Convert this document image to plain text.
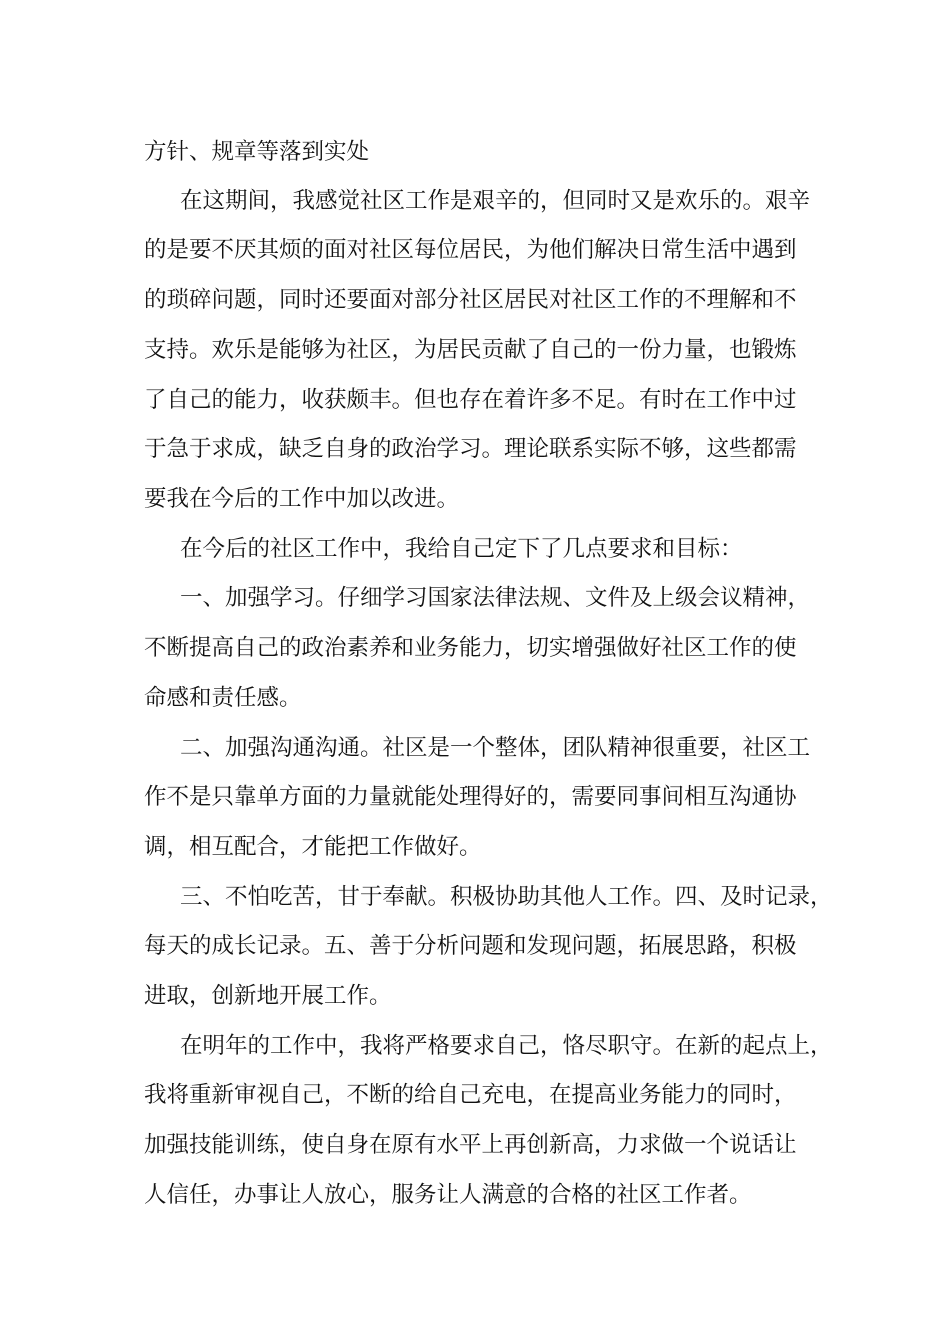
方针、规章等落到实处
在这期间，我感觉社区工作是艰辛的，但同时又是欢乐的。艰辛
的是要不厌其烦的面对社区每位居民，为他们解决日常生活中遇到
的琐碎问题，同时还要面对部分社区居民对社区工作的不理解和不
支持。欢乐是能够为社区，为居民贡献了自己的一份力量，也锻炼
了自己的能力，收获颇丰。但也存在着许多不足。有时在工作中过
于急于求成，缺乏自身的政治学习。理论联系实际不够，这些都需
要我在今后的工作中加以改进。
在今后的社区工作中，我给自己定下了几点要求和目标：
一、加强学习。仔细学习国家法律法规、文件及上级会议精神，
不断提高自己的政治素养和业务能力，切实增强做好社区工作的使
命感和责任感。
二、加强沟通沟通。社区是一个整体，团队精神很重要，社区工
作不是只靠单方面的力量就能处理得好的，需要同事间相互沟通协
调，相互配合，才能把工作做好。
三、不怕吃苦，甘于奉献。积极协助其他人工作。四、及时记录，
每天的成长记录。五、善于分析问题和发现问题，拓展思路，积极
进取，创新地开展工作。
在明年的工作中，我将严格要求自己，恪尽职守。在新的起点上，
我将重新审视自己，不断的给自己充电，在提高业务能力的同时，
加强技能训练，使自身在原有水平上再创新高，力求做一个说话让
人信任，办事让人放心，服务让人满意的合格的社区工作者。
